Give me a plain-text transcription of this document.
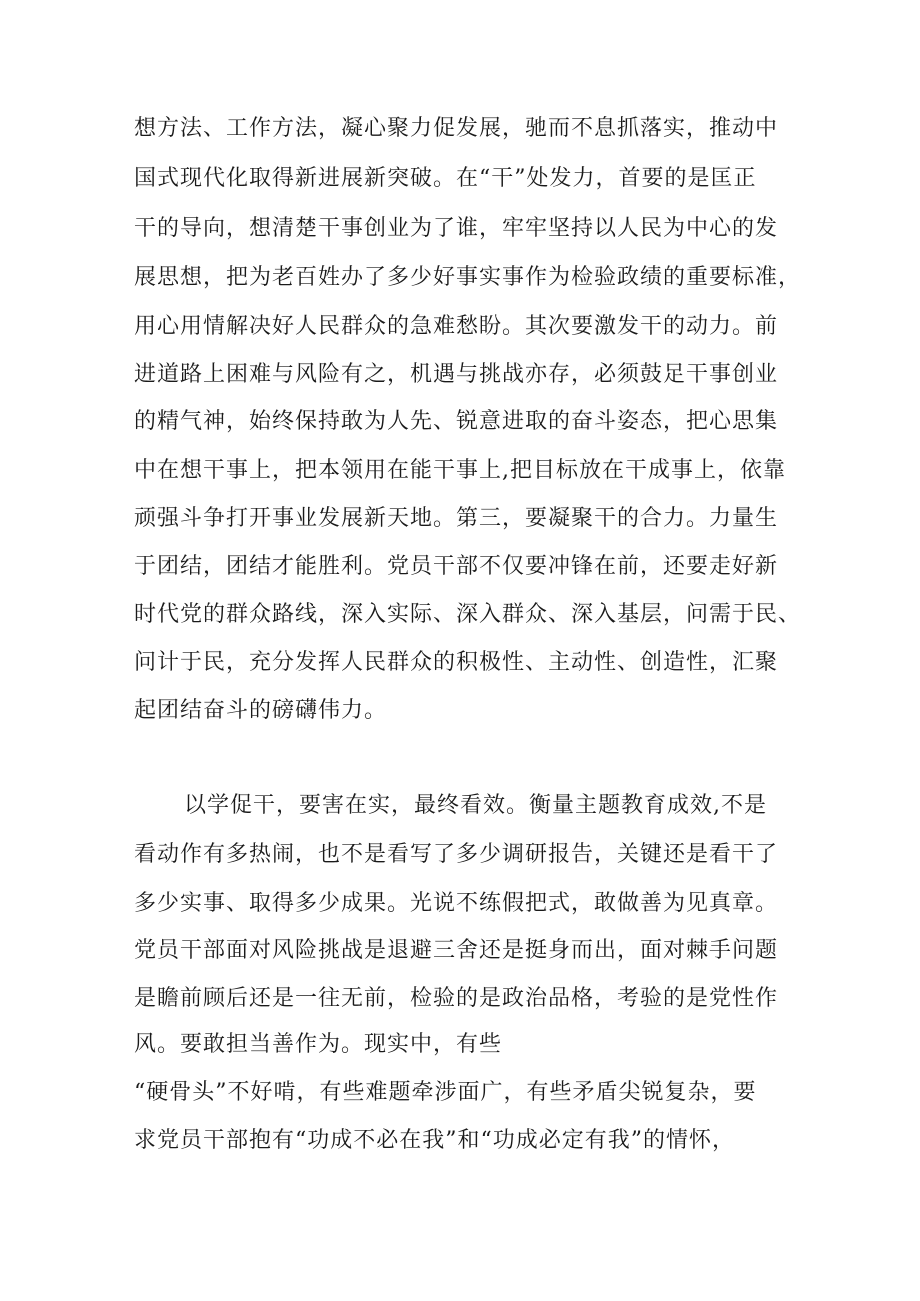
想方法、工作方法，凝心聚力促发展，驰而不息抓落实，推动中
国式现代化取得新进展新突破。在“干”处发力，首要的是匡正
干的导向，想清楚干事创业为了谁，牢牢坚持以人民为中心的发
展思想，把为老百姓办了多少好事实事作为检验政绩的重要标准，
用心用情解决好人民群众的急难愁盼。其次要激发干的动力。前
进道路上困难与风险有之，机遇与挑战亦存，必须鼓足干事创业
的精气神，始终保持敢为人先、锐意进取的奋斗姿态，把心思集
中在想干事上，把本领用在能干事上,把目标放在干成事上，依靠
顽强斗争打开事业发展新天地。第三，要凝聚干的合力。力量生
于团结，团结才能胜利。党员干部不仅要冲锋在前，还要走好新
时代党的群众路线，深入实际、深入群众、深入基层，问需于民、
问计于民，充分发挥人民群众的积极性、主动性、创造性，汇聚
起团结奋斗的磅礴伟力。
以学促干，要害在实，最终看效。衡量主题教育成效,不是
看动作有多热闹，也不是看写了多少调研报告，关键还是看干了
多少实事、取得多少成果。光说不练假把式，敢做善为见真章。
党员干部面对风险挑战是退避三舍还是挺身而出，面对棘手问题
是瞻前顾后还是一往无前，检验的是政治品格，考验的是党性作
风。要敢担当善作为。现实中，有些
“硬骨头”不好啃，有些难题牵涉面广，有些矛盾尖锐复杂，要
求党员干部抱有“功成不必在我”和“功成必定有我”的情怀，
